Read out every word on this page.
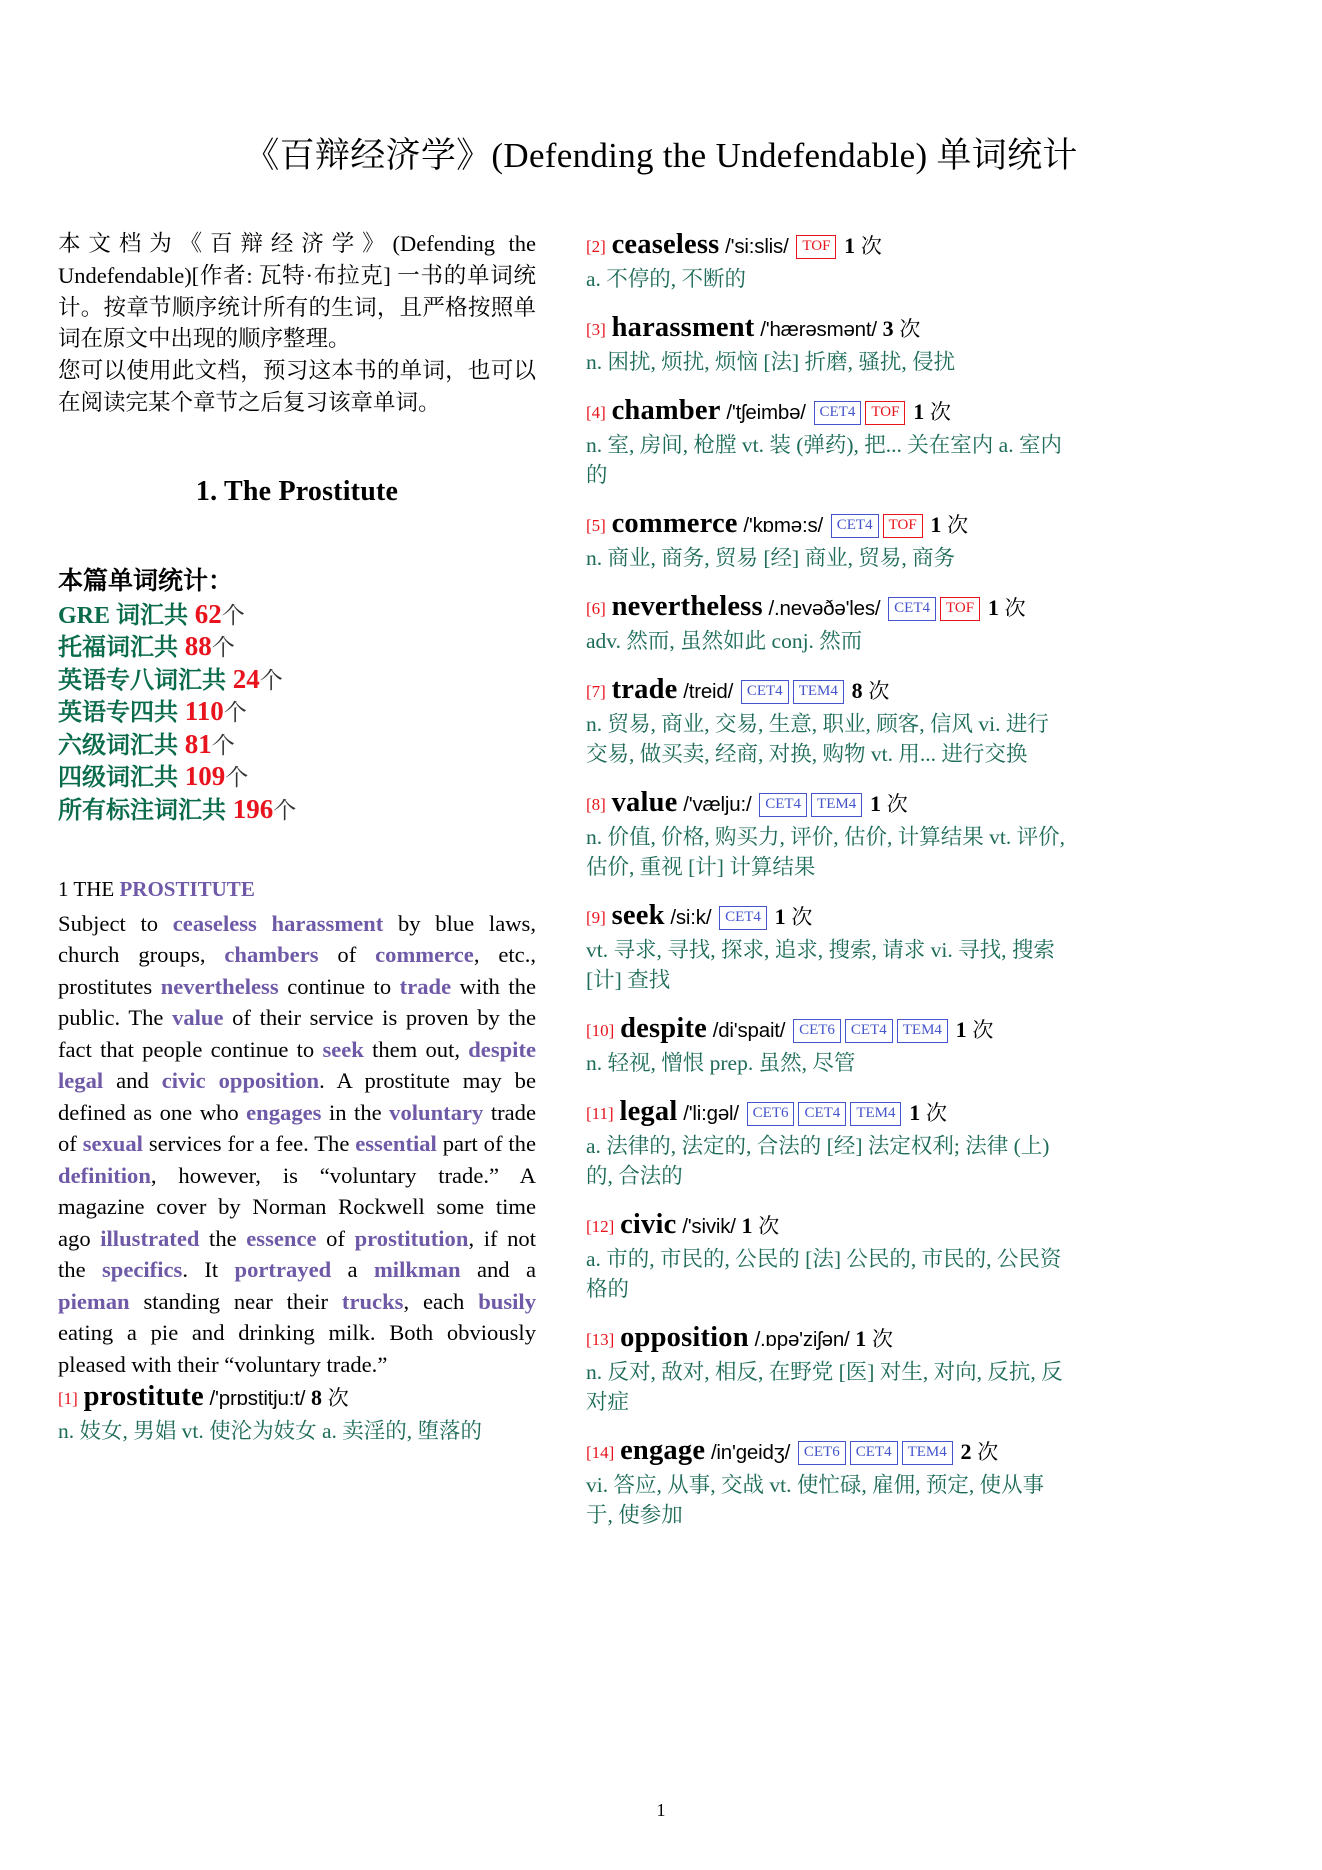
《百辩经济学》(Defending the Undefendable) 单词统计

本文档为《百辩经济学》(Defending the Undefendable)[作者: 瓦特·布拉克] 一书的单词统计。按章节顺序统计所有的生词，且严格按照单词在原文中出现的顺序整理。

您可以使用此文档，预习这本书的单词，也可以在阅读完某个章节之后复习该章单词。

1. The Prostitute
本篇单词统计：
GRE 词汇共 62个
托福词汇共 88个
英语专八词汇共 24个
英语专四共 110个
六级词汇共 81个
四级词汇共 109个
所有标注词汇共 196个
1 THE PROSTITUTE

Subject to ceaseless harassment by blue laws, church groups, chambers of commerce, etc., prostitutes nevertheless continue to trade with the public. The value of their service is proven by the fact that people continue to seek them out, despite legal and civic opposition. A prostitute may be defined as one who engages in the voluntary trade of sexual services for a fee. The essential part of the definition, however, is “voluntary trade.” A magazine cover by Norman Rockwell some time ago illustrated the essence of prostitution, if not the specifics. It portrayed a milkman and a pieman standing near their trucks, each busily eating a pie and drinking milk. Both obviously pleased with their “voluntary trade.”

[1] prostitute /'prɒstitju:t/ 8 次
n. 妓女, 男娼 vt. 使沦为妓女 a. 卖淫的, 堕落的
[2] ceaseless /'si:slis/ TOF 1 次
a. 不停的, 不断的
[3] harassment /'hærəsmənt/ 3 次
n. 困扰, 烦扰, 烦恼 [法] 折磨, 骚扰, 侵扰
[4] chamber /'tʃeimbə/ CET4 TOF 1 次
n. 室, 房间, 枪膛 vt. 装 (弹药), 把... 关在室内 a. 室内的
[5] commerce /'kɒmə:s/ CET4 TOF 1 次
n. 商业, 商务, 贸易 [经] 商业, 贸易, 商务
[6] nevertheless /.nevəðə'les/ CET4 TOF 1 次
adv. 然而, 虽然如此 conj. 然而
[7] trade /treid/ CET4 TEM4 8 次
n. 贸易, 商业, 交易, 生意, 职业, 顾客, 信风 vi. 进行交易, 做买卖, 经商, 对换, 购物 vt. 用... 进行交换
[8] value /'vælju:/ CET4 TEM4 1 次
n. 价值, 价格, 购买力, 评价, 估价, 计算结果 vt. 评价, 估价, 重视 [计] 计算结果
[9] seek /si:k/ CET4 1 次
vt. 寻求, 寻找, 探求, 追求, 搜索, 请求 vi. 寻找, 搜索 [计] 查找
[10] despite /di'spait/ CET6 CET4 TEM4 1 次
n. 轻视, 憎恨 prep. 虽然, 尽管
[11] legal /'li:gəl/ CET6 CET4 TEM4 1 次
a. 法律的, 法定的, 合法的 [经] 法定权利; 法律 (上) 的, 合法的
[12] civic /'sivik/ 1 次
a. 市的, 市民的, 公民的 [法] 公民的, 市民的, 公民资格的
[13] opposition /.ɒpə'ziʃən/ 1 次
n. 反对, 敌对, 相反, 在野党 [医] 对生, 对向, 反抗, 反对症
[14] engage /in'geidʒ/ CET6 CET4 TEM4 2 次
vi. 答应, 从事, 交战 vt. 使忙碌, 雇佣, 预定, 使从事于, 使参加
1
